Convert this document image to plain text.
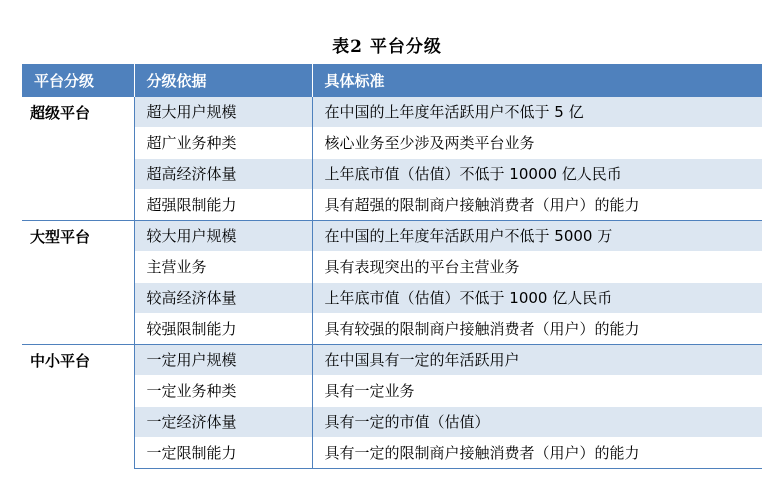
表2 平台分级
平台分级	分级依据	具体标准
超级平台	超大用户规模	在中国的上年度年活跃用户不低于 5 亿
	超广业务种类	核心业务至少涉及两类平台业务
	超高经济体量	上年底市值（估值）不低于 10000 亿人民币
	超强限制能力	具有超强的限制商户接触消费者（用户）的能力
大型平台	较大用户规模	在中国的上年度年活跃用户不低于 5000 万
	主营业务	具有表现突出的平台主营业务
	较高经济体量	上年底市值（估值）不低于 1000 亿人民币
	较强限制能力	具有较强的限制商户接触消费者（用户）的能力
中小平台	一定用户规模	在中国具有一定的年活跃用户
	一定业务种类	具有一定业务
	一定经济体量	具有一定的市值（估值）
	一定限制能力	具有一定的限制商户接触消费者（用户）的能力
